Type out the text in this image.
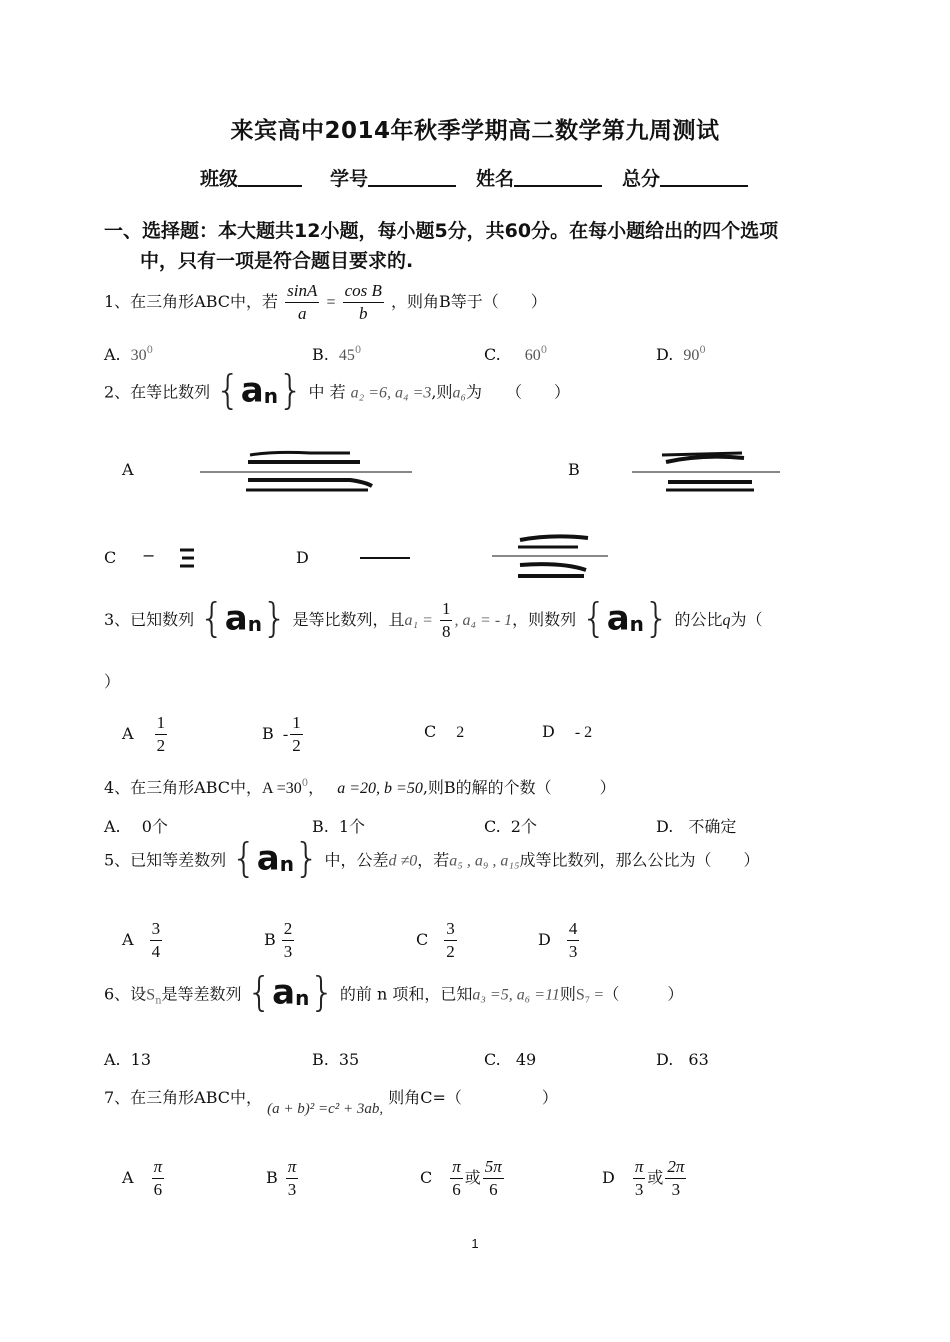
来宾高中2014年秋季学期高二数学第九周测试
班级	学号	姓名	总分
一、选择题：本大题共12小题，每小题5分，共60分。在每小题给出的四个选项
中，只有一项是符合题目要求的.
1、在三角形ABC中，若 $\frac{\sin A}{a} = \frac{\text{cos B}}{b}$ ，则角B等于（　　）
A. $30^0$	B. $45^0$	C. $60^0$	D. $90^0$
2、在等比数列 {an} 中 若 a₂ =6, a₄ =3,则a₆为　　（　　）
A	B
C −	D
3、已知数列 {an} 是等比数列，且$a_1 = \frac{1}{8}$ , a₄ = - 1，则数列 {an} 的公比q为（
）
A $\frac{1}{2}$	B - $\frac{1}{2}$	C 2	D - 2
4、在三角形ABC中，$A =30^0$， a =20, b =50,则B的解的个数（　　　）
A. 0个	B. 1个	C. 2个	D. 不确定
5、已知等差数列 {an} 中，公差d ≠0，若a₅ , a₉ , a₁₅成等比数列，那么公比为（　　）
A $\frac{3}{4}$	B $\frac{2}{3}$	C $\frac{3}{2}$	D $\frac{4}{3}$
6、设$S_n$是等差数列 {an} 的前 n 项和，已知a₃ =5, a₆ =11则S₇ =（　　　）
A. 13	B. 35	C. 49	D. 63
7、在三角形ABC中， (a + b)² =c² + 3ab, 则角C=（　　　　　）
A $\frac{\pi}{6}$	B $\frac{\pi}{3}$	C $\frac{\pi}{6}$ 或 $\frac{5\pi}{6}$	D $\frac{\pi}{3}$ 或 $\frac{2\pi}{3}$
1
